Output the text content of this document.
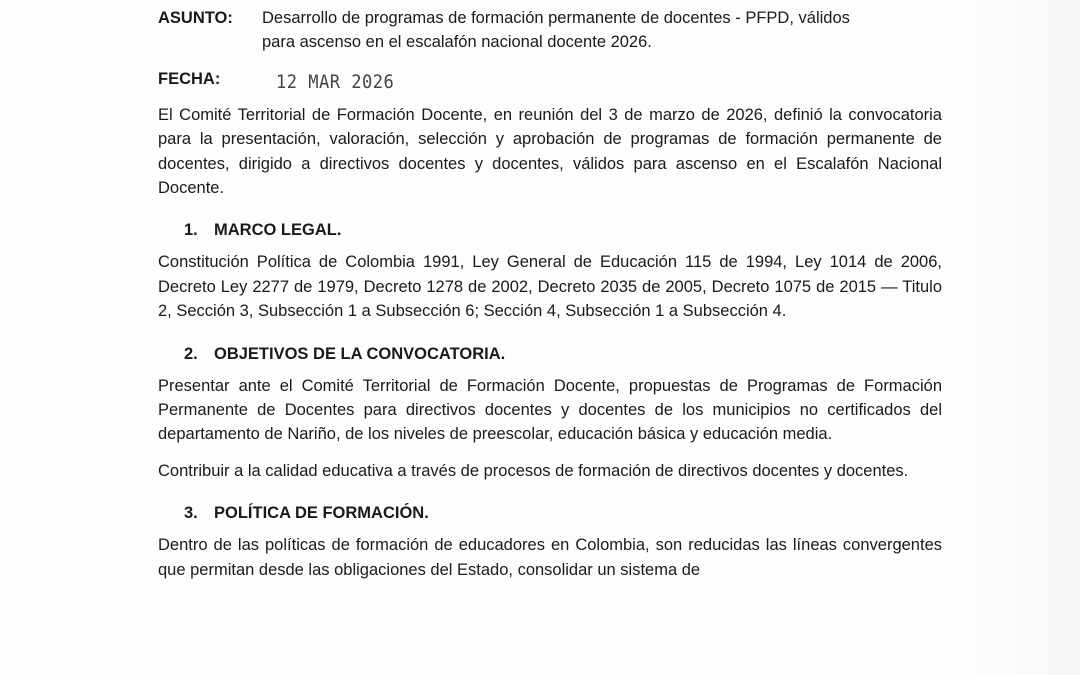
ASUNTO:	Desarrollo de programas de formación permanente de docentes - PFPD, válidos
para ascenso en el escalafón nacional docente 2026.
FECHA:	12 MAR 2026

El Comité Territorial de Formación Docente, en reunión del 3 de marzo de 2026, definió la convocatoria para la presentación, valoración, selección y aprobación de programas de formación permanente de docentes, dirigido a directivos docentes y docentes, válidos para ascenso en el Escalafón Nacional Docente.

1. MARCO LEGAL.

Constitución Política de Colombia 1991, Ley General de Educación 115 de 1994, Ley 1014 de 2006, Decreto Ley 2277 de 1979, Decreto 1278 de 2002, Decreto 2035 de 2005, Decreto 1075 de 2015 — Titulo 2, Sección 3, Subsección 1 a Subsección 6; Sección 4, Subsección 1 a Subsección 4.

2. OBJETIVOS DE LA CONVOCATORIA.

Presentar ante el Comité Territorial de Formación Docente, propuestas de Programas de Formación Permanente de Docentes para directivos docentes y docentes de los municipios no certificados del departamento de Nariño, de los niveles de preescolar, educación básica y educación media.

Contribuir a la calidad educativa a través de procesos de formación de directivos docentes y docentes.

3. POLÍTICA DE FORMACIÓN.

Dentro de las políticas de formación de educadores en Colombia, son reducidas las líneas convergentes que permitan desde las obligaciones del Estado, consolidar un sistema de
